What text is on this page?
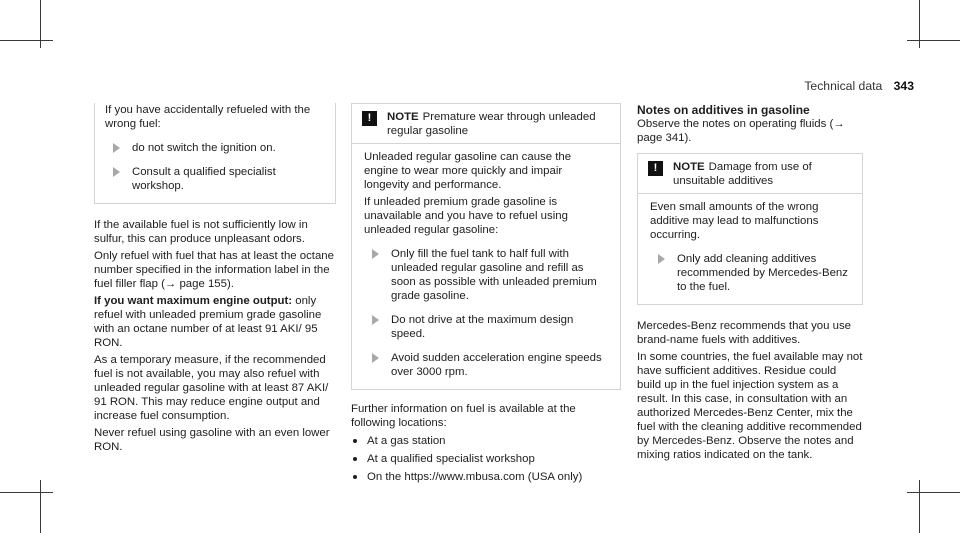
Technical data 343

If you have accidentally refueled with the wrong fuel:

do not switch the ignition on.
Consult a qualified specialist workshop.

If the available fuel is not sufficiently low in sulfur, this can produce unpleasant odors.

Only refuel with fuel that has at least the octane number specified in the information label in the fuel filler flap (→ page 155).

If you want maximum engine output: only refuel with unleaded premium grade gasoline with an octane number of at least 91 AKI/ 95 RON.

As a temporary measure, if the recommended fuel is not available, you may also refuel with unleaded regular gasoline with at least 87 AKI/ 91 RON. This may reduce engine output and increase fuel consumption.

Never refuel using gasoline with an even lower RON.

!	NOTE Premature wear through unleaded regular gasoline

Unleaded regular gasoline can cause the engine to wear more quickly and impair longevity and performance.

If unleaded premium grade gasoline is unavailable and you have to refuel using unleaded regular gasoline:

Only fill the fuel tank to half full with unleaded regular gasoline and refill as soon as possible with unleaded premium grade gasoline.
Do not drive at the maximum design speed.
Avoid sudden acceleration engine speeds over 3000 rpm.

Further information on fuel is available at the following locations:

At a gas station
At a qualified specialist workshop
On the https://www.mbusa.com (USA only)

Notes on additives in gasoline

Observe the notes on operating fluids (→ page 341).

!	NOTE Damage from use of unsuitable additives

Even small amounts of the wrong additive may lead to malfunctions occurring.

Only add cleaning additives recommended by Mercedes-Benz to the fuel.

Mercedes-Benz recommends that you use brand-name fuels with additives.

In some countries, the fuel available may not have sufficient additives. Residue could build up in the fuel injection system as a result. In this case, in consultation with an authorized Mercedes-Benz Center, mix the fuel with the cleaning additive recommended by Mercedes-Benz. Observe the notes and mixing ratios indicated on the tank.
